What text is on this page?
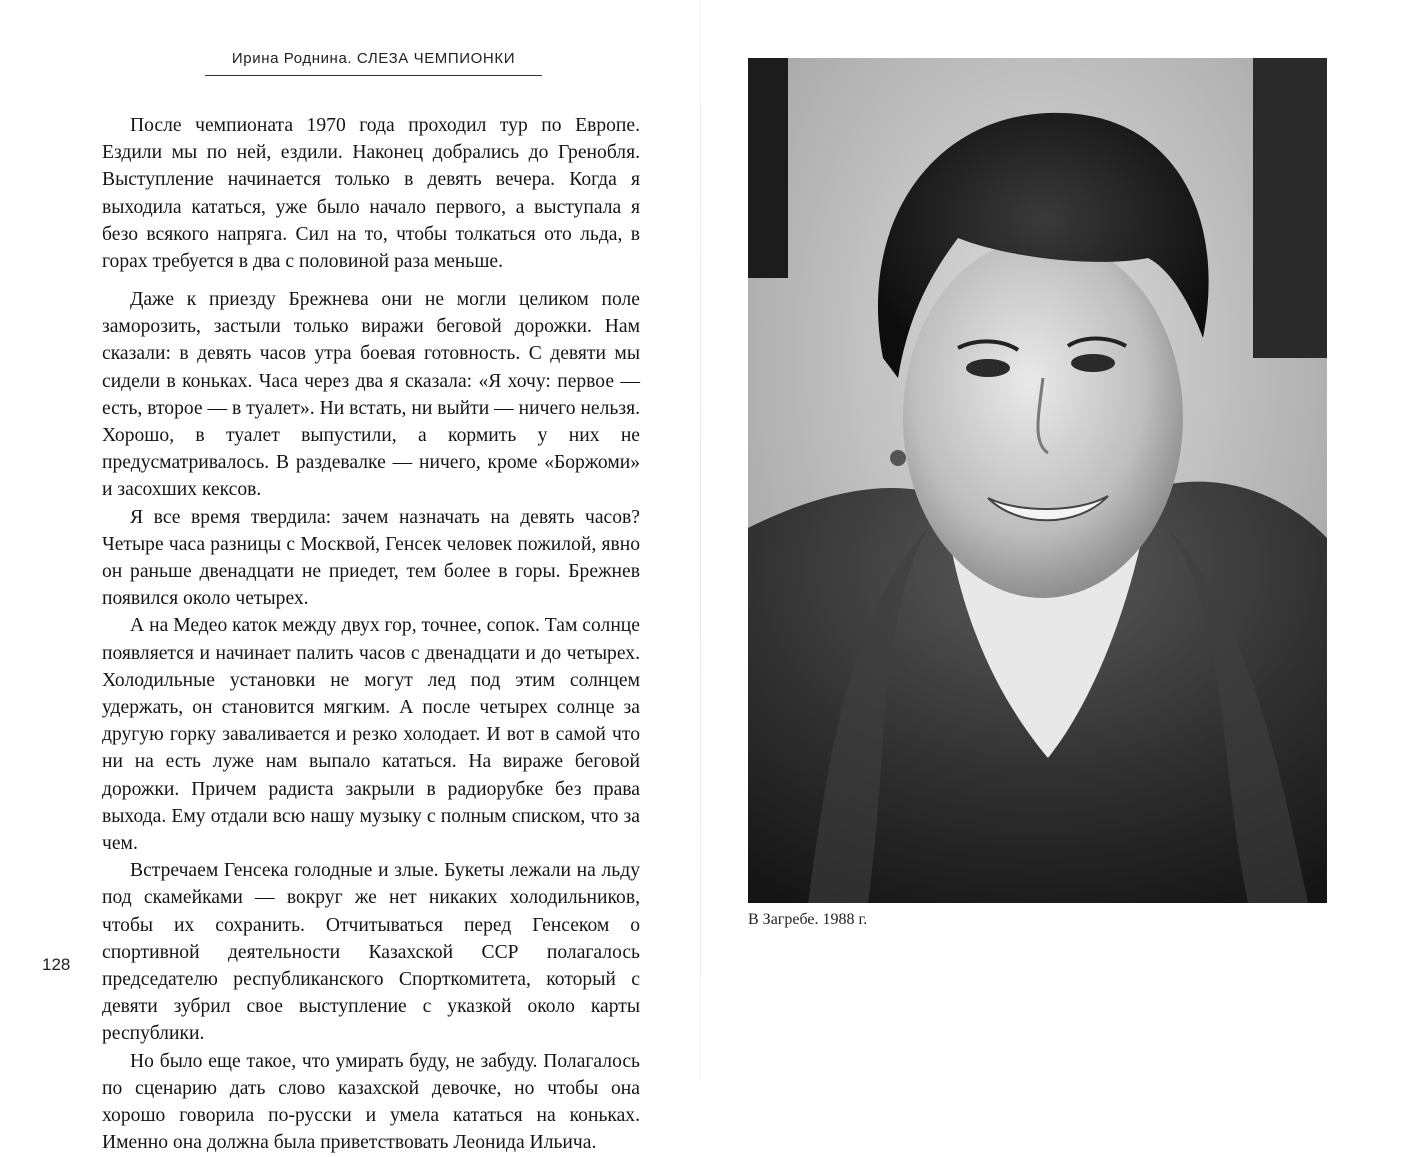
Ирина Роднина. СЛЕЗА ЧЕМПИОНКИ

После чемпионата 1970 года проходил тур по Европе. Ездили мы по ней, ездили. Наконец добрались до Гренобля. Выступление начинается только в девять вечера. Когда я выходила кататься, уже было начало первого, а выступала я безо всякого напряга. Сил на то, чтобы толкаться ото льда, в горах требуется в два с половиной раза меньше.

Даже к приезду Брежнева они не могли целиком поле заморозить, застыли только виражи беговой дорожки. Нам сказали: в девять часов утра боевая готовность. С девяти мы сидели в коньках. Часа через два я сказала: «Я хочу: первое — есть, второе — в туалет». Ни встать, ни выйти — ничего нельзя. Хорошо, в туалет выпустили, а кормить у них не предусматривалось. В раздевалке — ничего, кроме «Боржоми» и засохших кексов.

Я все время твердила: зачем назначать на девять часов? Четыре часа разницы с Москвой, Генсек человек пожилой, явно он раньше двенадцати не приедет, тем более в горы. Брежнев появился около четырех.

А на Медео каток между двух гор, точнее, сопок. Там солнце появляется и начинает палить часов с двенадцати и до четырех. Холодильные установки не могут лед под этим солнцем удержать, он становится мягким. А после четырех солнце за другую горку заваливается и резко холодает. И вот в самой что ни на есть луже нам выпало кататься. На вираже беговой дорожки. Причем радиста закрыли в радиорубке без права выхода. Ему отдали всю нашу музыку с полным списком, что за чем.

Встречаем Генсека голодные и злые. Букеты лежали на льду под скамейками — вокруг же нет никаких холодильников, чтобы их сохранить. Отчитываться перед Генсеком о спортивной деятельности Казахской ССР полагалось председателю республиканского Спорткомитета, который с девяти зубрил свое выступление с указкой около карты республики.

Но было еще такое, что умирать буду, не забуду. Полагалось по сценарию дать слово казахской девочке, но чтобы она хорошо говорила по-русски и умела кататься на коньках. Именно она должна была приветствовать Леонида Ильича.

128
В Загребе. 1988 г.
